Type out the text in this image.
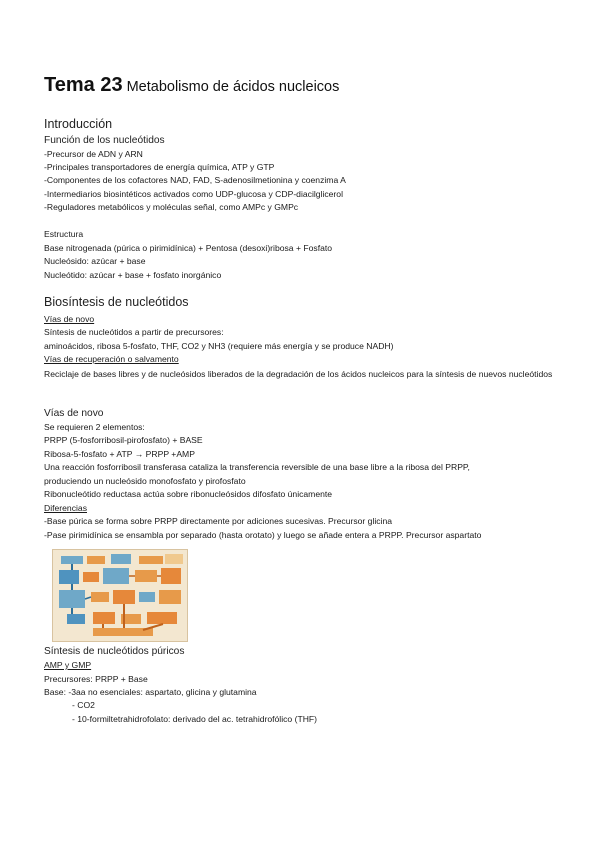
Tema 23 Metabolismo de ácidos nucleicos
Introducción
Función de los nucleótidos
-Precursor de ADN y ARN
-Principales transportadores de energía química, ATP y GTP
-Componentes de los cofactores NAD, FAD, S-adenosilmetionina y coenzima A
-Intermediarios biosintéticos activados como UDP-glucosa y CDP-diacilglicerol
-Reguladores metabólicos y moléculas señal, como AMPc y GMPc
Estructura
Base nitrogenada (púrica o pirimidínica) + Pentosa (desoxi)ribosa + Fosfato
Nucleósido: azúcar + base
Nucleótido: azúcar + base + fosfato inorgánico
Biosíntesis de nucleótidos
Vías de novo
Síntesis de nucleótidos a partir de precursores:
aminoácidos, ribosa 5-fosfato, THF, CO2 y NH3 (requiere más energía y se produce NADH)
Vías de recuperación o salvamento
Reciclaje de bases libres y de nucleósidos liberados de la degradación de los ácidos nucleicos para la síntesis de nuevos nucleótidos
Vías de novo
Se requieren 2 elementos:
PRPP (5-fosforribosil-pirofosfato) + BASE
Ribosa-5-fosfato + ATP → PRPP +AMP
Una reacción fosforribosil transferasa cataliza la transferencia reversible de una base libre a la ribosa del PRPP,
produciendo un nucleósido monofosfato y pirofosfato
Ribonucleótido reductasa actúa sobre ribonucleósidos difosfato únicamente
Diferencias
-Base púrica se forma sobre PRPP directamente por adiciones sucesivas. Precursor glicina
-Pase pirimidínica se ensambla por separado (hasta orotato) y luego se añade entera a PRPP. Precursor aspartato
Síntesis de nucleótidos púricos
AMP y GMP
Precursores: PRPP + Base
Base: -3aa no esenciales: aspartato, glicina y glutamina
- CO2
- 10-formiltetrahidrofolato: derivado del ac. tetrahidrofólico (THF)
